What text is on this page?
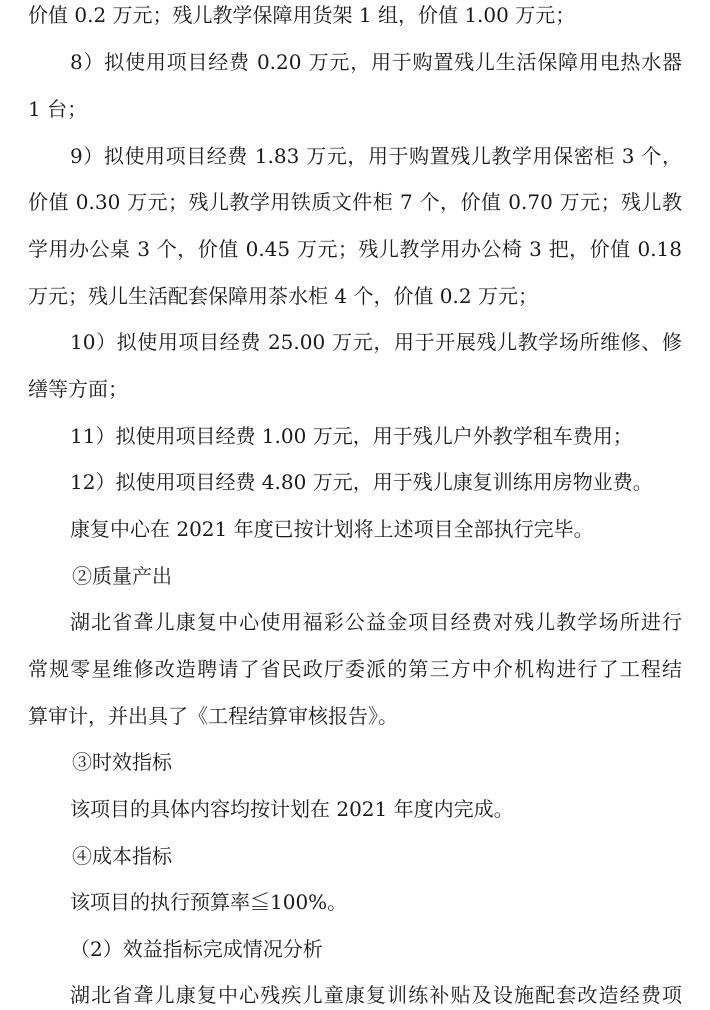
价值 0.2 万元；残儿教学保障用货架 1 组，价值 1.00 万元；
8）拟使用项目经费 0.20 万元，用于购置残儿生活保障用电热水器
1 台；
9）拟使用项目经费 1.83 万元，用于购置残儿教学用保密柜 3 个，
价值 0.30 万元；残儿教学用铁质文件柜 7 个，价值 0.70 万元；残儿教
学用办公桌 3 个，价值 0.45 万元；残儿教学用办公椅 3 把，价值 0.18
万元；残儿生活配套保障用茶水柜 4 个，价值 0.2 万元；
10）拟使用项目经费 25.00 万元，用于开展残儿教学场所维修、修
缮等方面；
11）拟使用项目经费 1.00 万元，用于残儿户外教学租车费用；
12）拟使用项目经费 4.80 万元，用于残儿康复训练用房物业费。
康复中心在 2021 年度已按计划将上述项目全部执行完毕。
②质量产出
湖北省聋儿康复中心使用福彩公益金项目经费对残儿教学场所进行
常规零星维修改造聘请了省民政厅委派的第三方中介机构进行了工程结
算审计，并出具了《工程结算审核报告》。
③时效指标
该项目的具体内容均按计划在 2021 年度内完成。
④成本指标
该项目的执行预算率≦100%。
（2）效益指标完成情况分析
湖北省聋儿康复中心残疾儿童康复训练补贴及设施配套改造经费项
